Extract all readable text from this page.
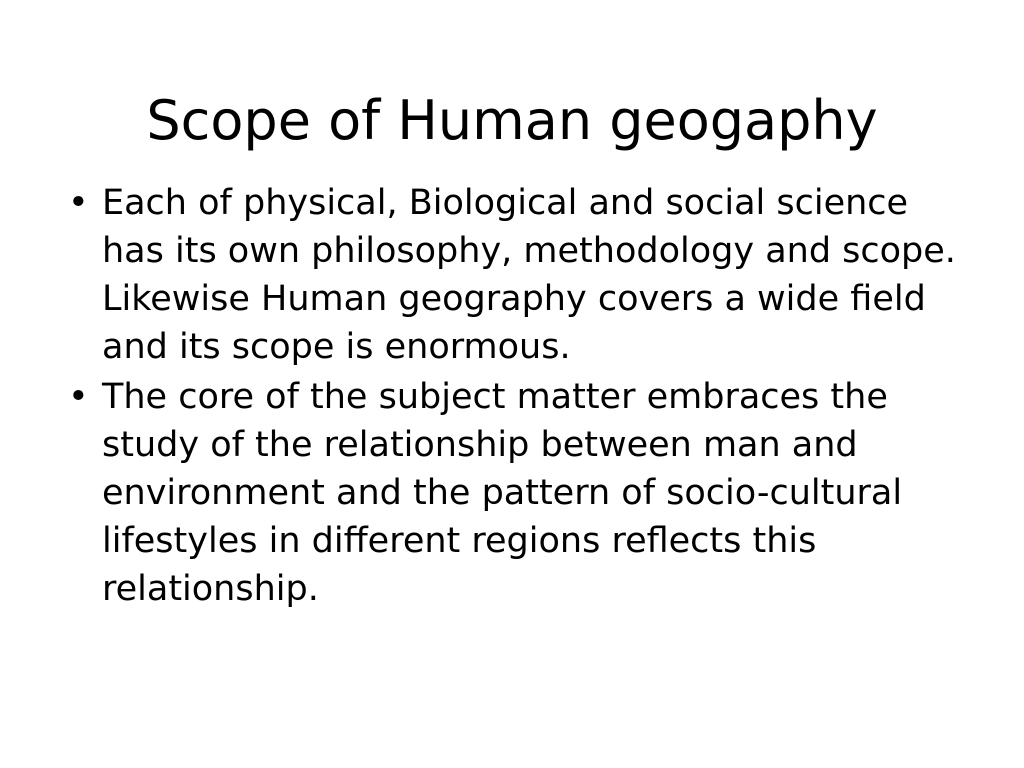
Scope of Human geogaphy
• Each of physical, Biological and social science has its own philosophy, methodology and scope. Likewise Human geography covers a wide field and its scope is enormous.
• The core of the subject matter embraces the study of the relationship between man and environment and the pattern of socio-cultural lifestyles in different regions reflects this relationship.
